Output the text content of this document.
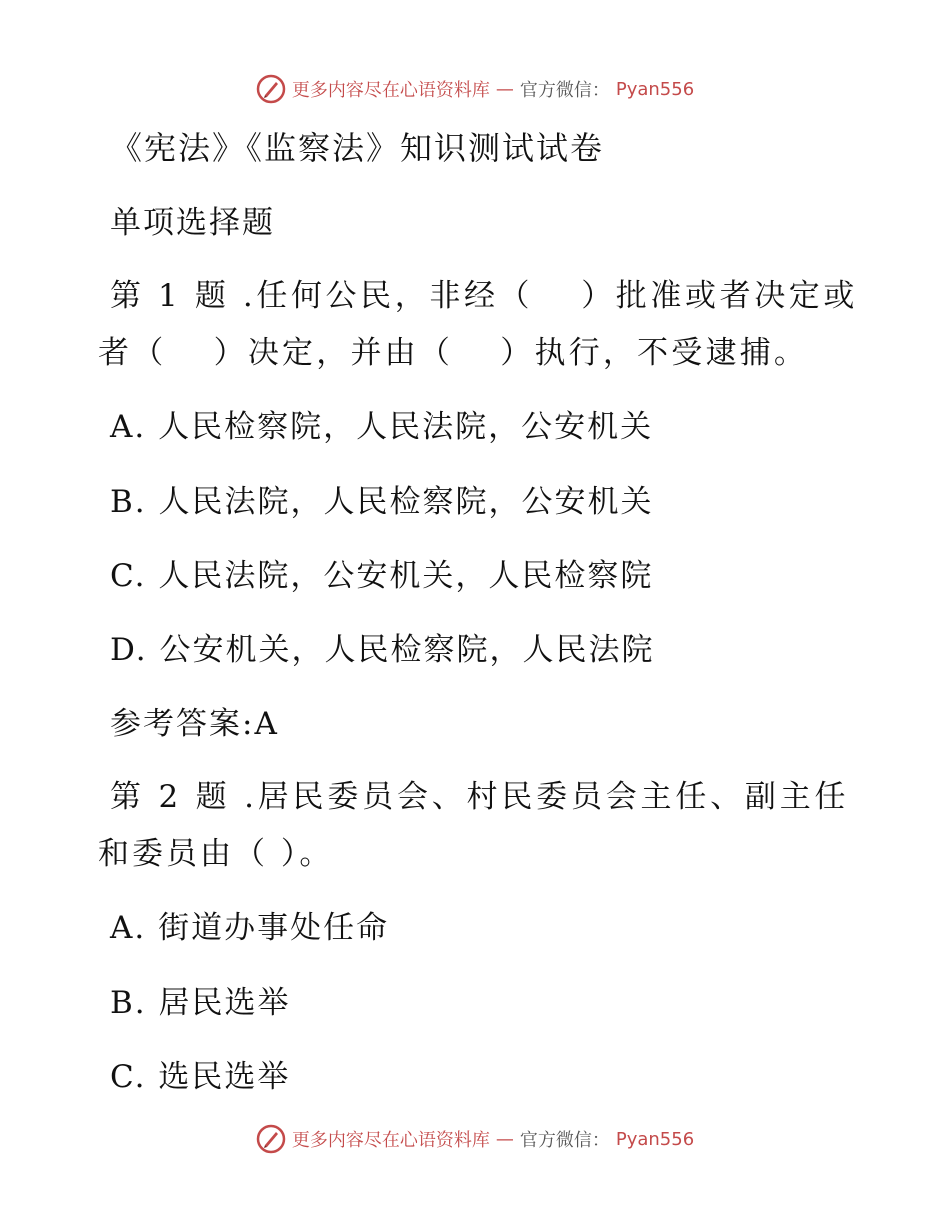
更多内容尽在心语资料库 — 官方微信： Pyan556
《宪法》《监察法》知识测试试卷
单项选择题
第 1 题 .任何公民，非经（　 ）批准或者决定或
者（　 ）决定，并由（　 ）执行，不受逮捕。
A. 人民检察院，人民法院，公安机关
B. 人民法院，人民检察院，公安机关
C. 人民法院，公安机关，人民检察院
D. 公安机关，人民检察院，人民法院
参考答案:A
第 2 题 .居民委员会、村民委员会主任、副主任
和委员由（ ）。
A. 街道办事处任命
B. 居民选举
C. 选民选举
更多内容尽在心语资料库 — 官方微信： Pyan556
